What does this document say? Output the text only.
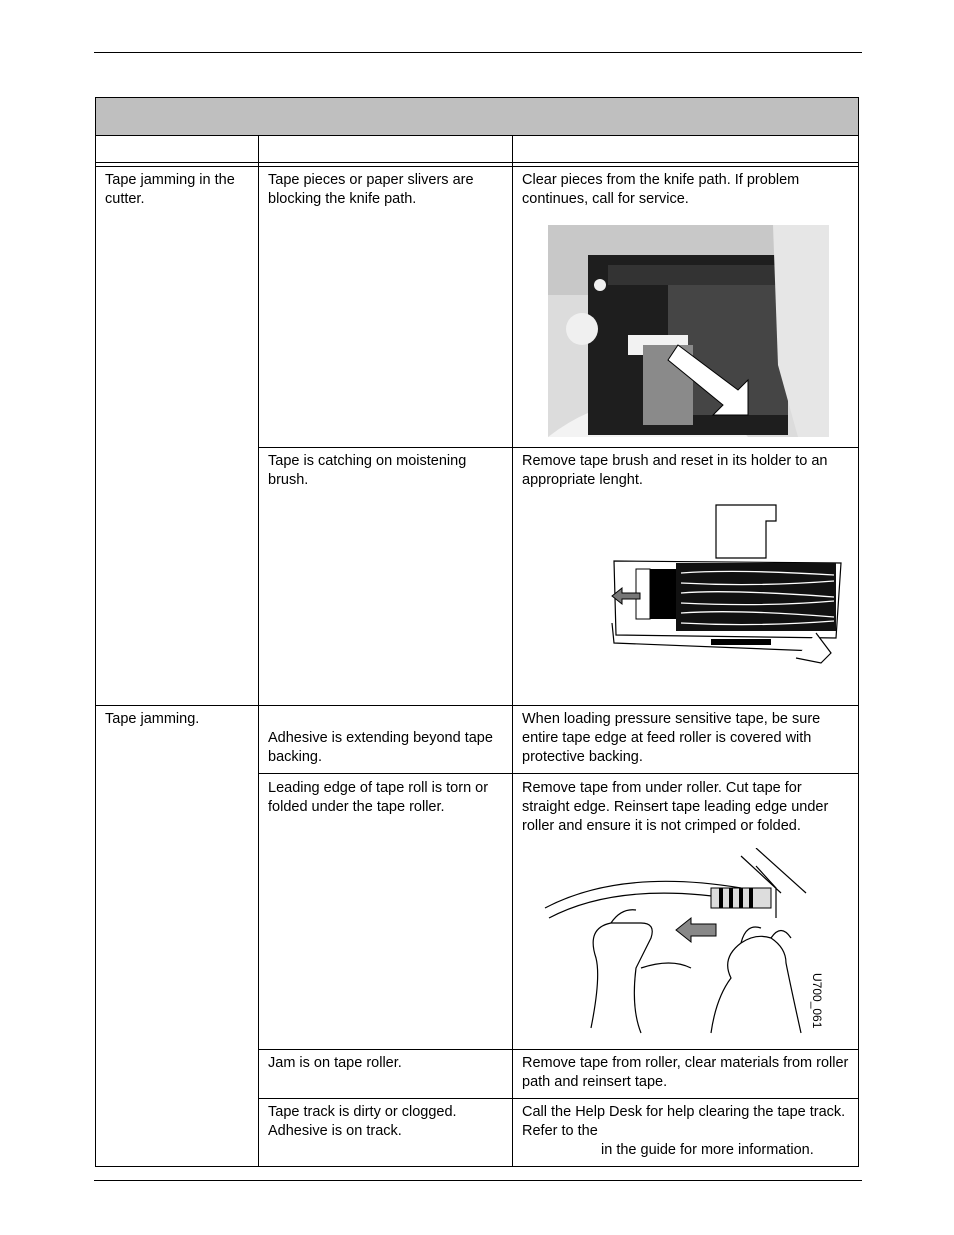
Tape jamming in the cutter.
Tape pieces or paper slivers are blocking the knife path.
Clear pieces from the knife path. If problem continues, call for service.
Tape is catching on moistening brush.
Remove tape brush and reset in its holder to an appropriate lenght.
Tape jamming.
Adhesive is extending beyond tape backing.
When loading pressure sensitive tape, be sure entire tape edge at feed roller is covered with protective backing.
Leading edge of tape roll is torn or folded under the tape roller.
Remove tape from under roller. Cut tape for straight edge. Reinsert tape leading edge under roller and ensure it is not crimped or folded.
U700_061
Jam is on tape roller.	Remove tape from roller, clear materials from roller path and reinsert tape.
Tape track is dirty or clogged. Adhesive is on track.
Call the Help Desk for help clearing the tape track. Refer to the
in the guide for more information.
